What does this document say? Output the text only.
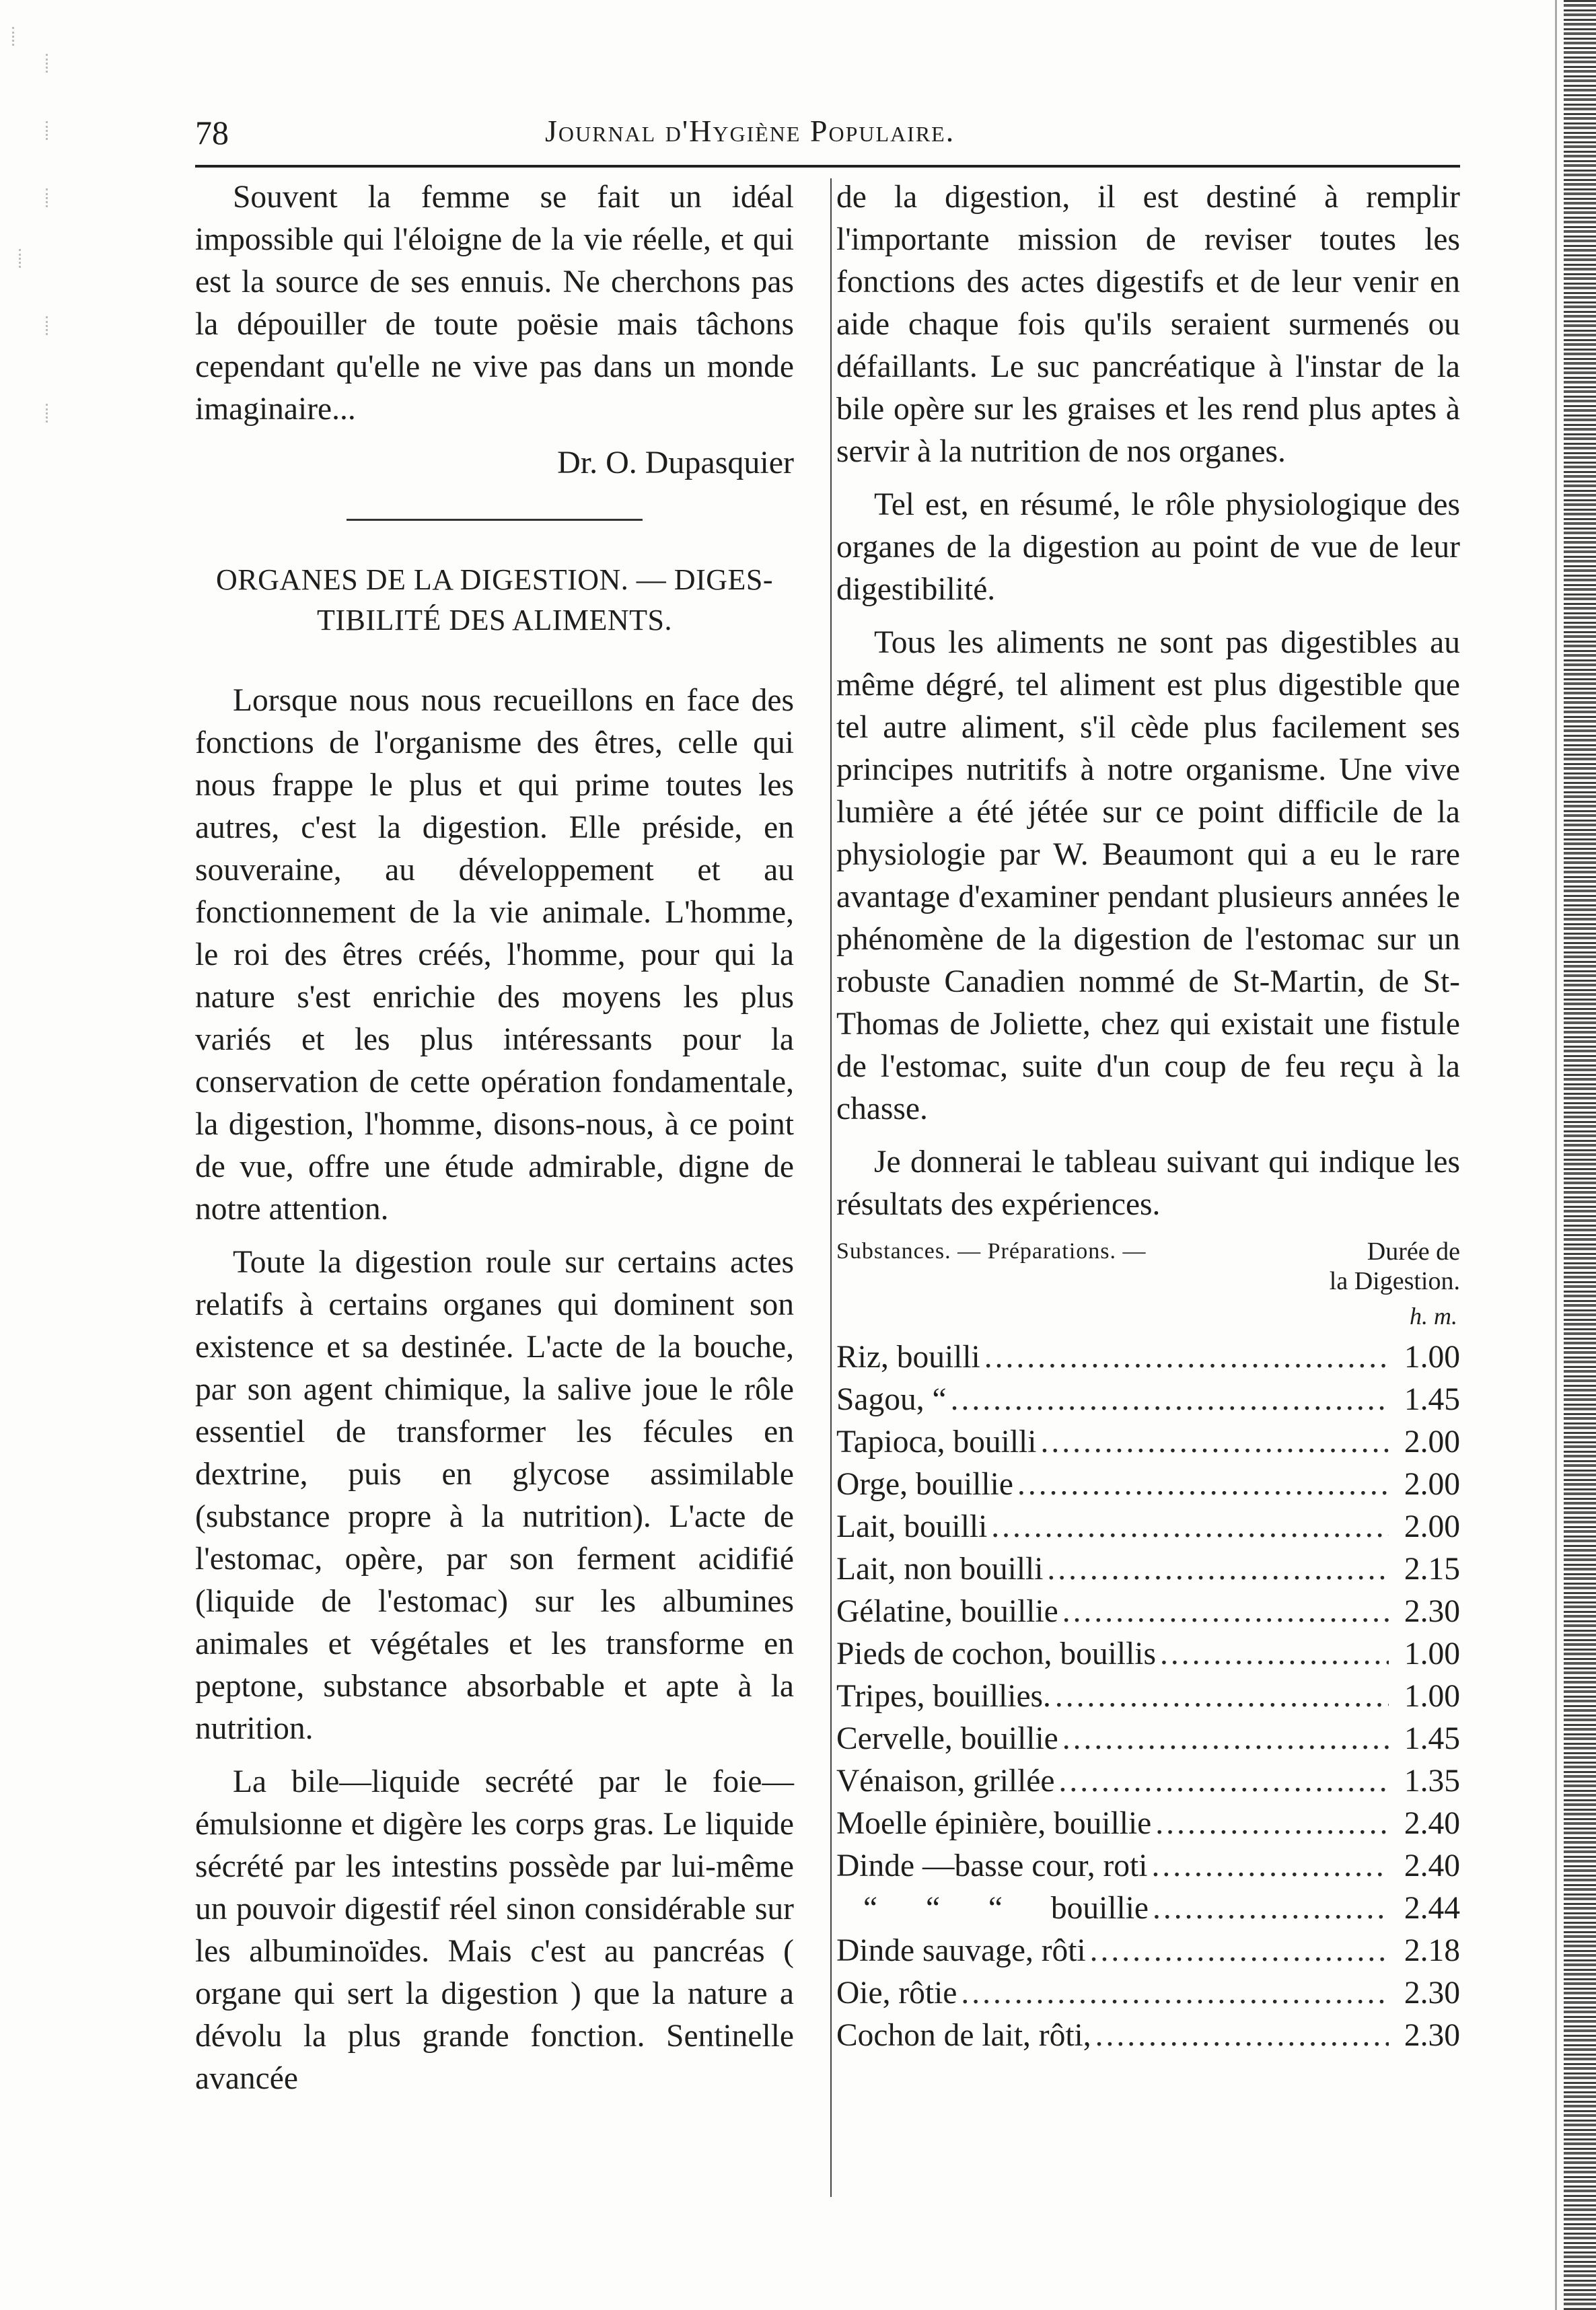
78	Journal d'Hygiène Populaire.

Souvent la femme se fait un idéal impossible qui l'éloigne de la vie réelle, et qui est la source de ses ennuis. Ne cherchons pas la dépouiller de toute poësie mais tâchons cependant qu'elle ne vive pas dans un monde imaginaire...

Dr. O. Dupasquier
ORGANES DE LA DIGESTION. — DIGES-
TIBILITÉ DES ALIMENTS.

Lorsque nous nous recueillons en face des fonctions de l'organisme des êtres, celle qui nous frappe le plus et qui prime toutes les autres, c'est la digestion. Elle préside, en souveraine, au développement et au fonctionnement de la vie animale. L'homme, le roi des êtres créés, l'homme, pour qui la nature s'est enrichie des moyens les plus variés et les plus intéressants pour la conservation de cette opération fondamentale, la digestion, l'homme, disons-nous, à ce point de vue, offre une étude admirable, digne de notre attention.

Toute la digestion roule sur certains actes relatifs à certains organes qui dominent son existence et sa destinée. L'acte de la bouche, par son agent chimique, la salive joue le rôle essentiel de transformer les fécules en dextrine, puis en glycose assimilable (substance propre à la nutrition). L'acte de l'estomac, opère, par son ferment acidifié (liquide de l'estomac) sur les albumines animales et végétales et les transforme en peptone, substance absorbable et apte à la nutrition.

La bile—liquide secrété par le foie—émulsionne et digère les corps gras. Le liquide sécrété par les intestins possède par lui-même un pouvoir digestif réel sinon considérable sur les albuminoïdes. Mais c'est au pancréas ( organe qui sert la digestion ) que la nature a dévolu la plus grande fonction. Sentinelle avancée

de la digestion, il est destiné à remplir l'importante mission de reviser toutes les fonctions des actes digestifs et de leur venir en aide chaque fois qu'ils seraient surmenés ou défaillants. Le suc pancréatique à l'instar de la bile opère sur les graises et les rend plus aptes à servir à la nutrition de nos organes.

Tel est, en résumé, le rôle physiologique des organes de la digestion au point de vue de leur digestibilité.

Tous les aliments ne sont pas digestibles au même dégré, tel aliment est plus digestible que tel autre aliment, s'il cède plus facilement ses principes nutritifs à notre organisme. Une vive lumière a été jétée sur ce point difficile de la physiologie par W. Beaumont qui a eu le rare avantage d'examiner pendant plusieurs années le phénomène de la digestion de l'estomac sur un robuste Canadien nommé de St-Martin, de St-Thomas de Joliette, chez qui existait une fistule de l'estomac, suite d'un coup de feu reçu à la chasse.

Je donnerai le tableau suivant qui indique les résultats des expériences.

Substances. — Préparations. —	Durée de
la Digestion.
h. m.
Riz, bouilli .....	1.00
Sagou, “ .....	1.45
Tapioca, bouilli .....	2.00
Orge, bouillie .....	2.00
Lait, bouilli .....	2.00
Lait, non bouilli .....	2.15
Gélatine, bouillie .....	2.30
Pieds de cochon, bouillis .....	1.00
Tripes, bouillies. .....	1.00
Cervelle, bouillie .....	1.45
Vénaison, grillée .....	1.35
Moelle épinière, bouillie .....	2.40
Dinde —basse cour, roti .....	2.40
“ “ “ bouillie .....	2.44
Dinde sauvage, rôti .....	2.18
Oie, rôtie .....	2.30
Cochon de lait, rôti, .....	2.30
